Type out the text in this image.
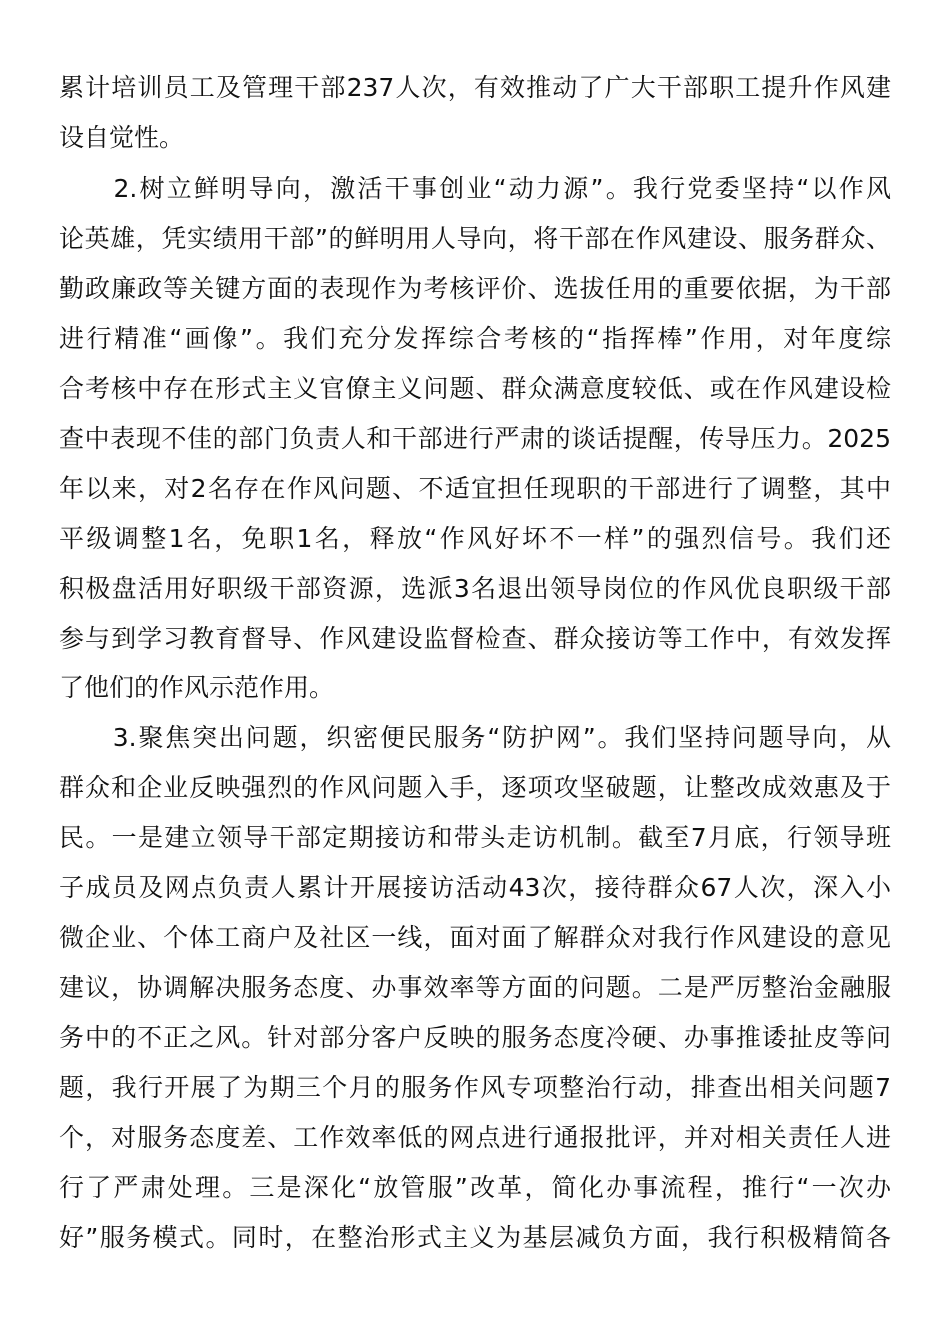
累计培训员工及管理干部237人次，有效推动了广大干部职工提升作风建
设自觉性。
　　2.树立鲜明导向，激活干事创业“动力源”。我行党委坚持“以作风
论英雄，凭实绩用干部”的鲜明用人导向，将干部在作风建设、服务群众、
勤政廉政等关键方面的表现作为考核评价、选拔任用的重要依据，为干部
进行精准“画像”。我们充分发挥综合考核的“指挥棒”作用，对年度综
合考核中存在形式主义官僚主义问题、群众满意度较低、或在作风建设检
查中表现不佳的部门负责人和干部进行严肃的谈话提醒，传导压力。2025
年以来，对2名存在作风问题、不适宜担任现职的干部进行了调整，其中
平级调整1名，免职1名，释放“作风好坏不一样”的强烈信号。我们还
积极盘活用好职级干部资源，选派3名退出领导岗位的作风优良职级干部
参与到学习教育督导、作风建设监督检查、群众接访等工作中，有效发挥
了他们的作风示范作用。
　　3.聚焦突出问题，织密便民服务“防护网”。我们坚持问题导向，从
群众和企业反映强烈的作风问题入手，逐项攻坚破题，让整改成效惠及于
民。一是建立领导干部定期接访和带头走访机制。截至7月底，行领导班
子成员及网点负责人累计开展接访活动43次，接待群众67人次，深入小
微企业、个体工商户及社区一线，面对面了解群众对我行作风建设的意见
建议，协调解决服务态度、办事效率等方面的问题。二是严厉整治金融服
务中的不正之风。针对部分客户反映的服务态度冷硬、办事推诿扯皮等问
题，我行开展了为期三个月的服务作风专项整治行动，排查出相关问题7
个，对服务态度差、工作效率低的网点进行通报批评，并对相关责任人进
行了严肃处理。三是深化“放管服”改革，简化办事流程，推行“一次办
好”服务模式。同时，在整治形式主义为基层减负方面，我行积极精简各
